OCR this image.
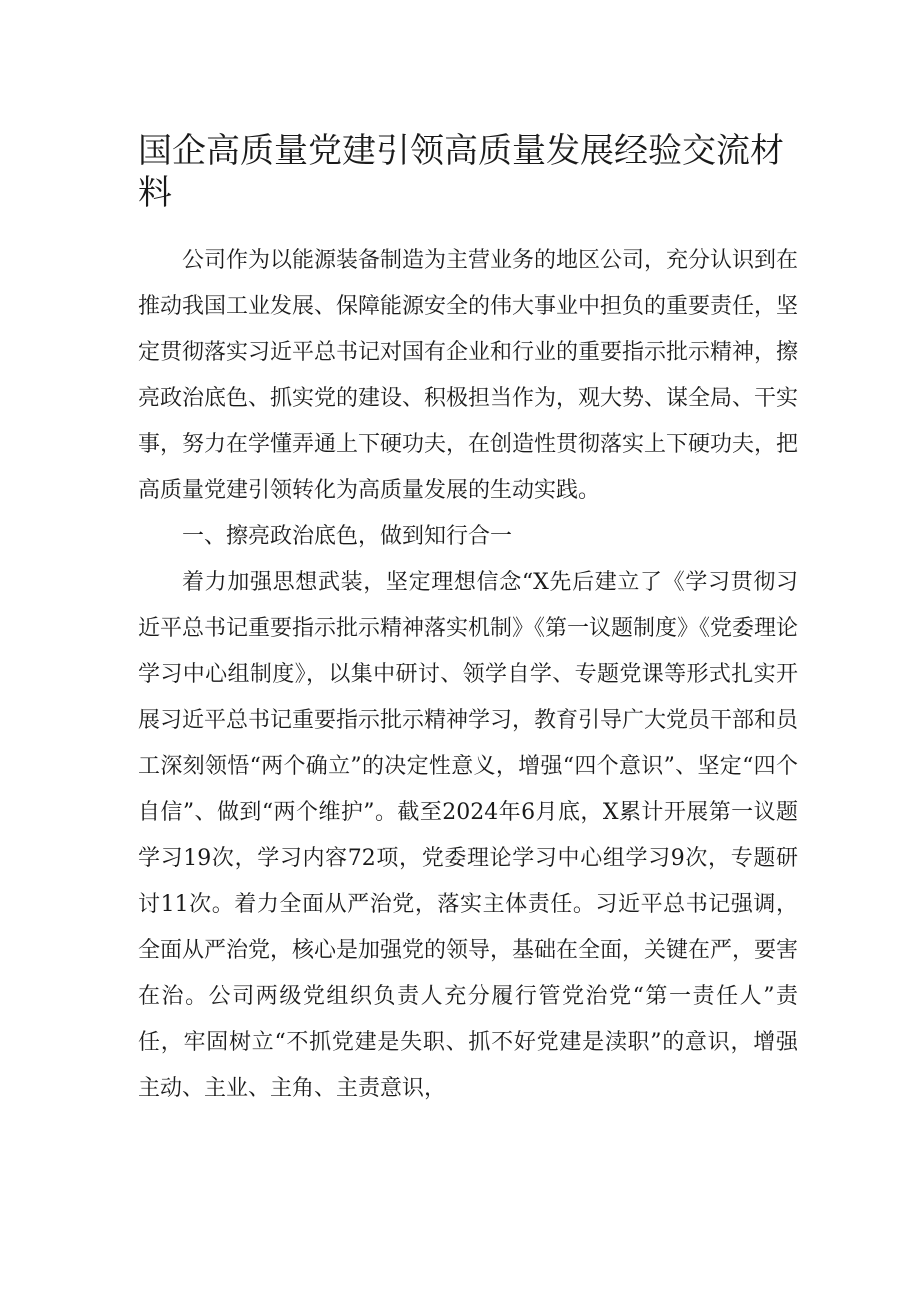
国企高质量党建引领高质量发展经验交流材料

公司作为以能源装备制造为主营业务的地区公司，充分认识到在推动我国工业发展、保障能源安全的伟大事业中担负的重要责任，坚定贯彻落实习近平总书记对国有企业和行业的重要指示批示精神，擦亮政治底色、抓实党的建设、积极担当作为，观大势、谋全局、干实事，努力在学懂弄通上下硬功夫，在创造性贯彻落实上下硬功夫，把高质量党建引领转化为高质量发展的生动实践。

一、擦亮政治底色，做到知行合一

着力加强思想武装，坚定理想信念“X先后建立了《学习贯彻习近平总书记重要指示批示精神落实机制》《第一议题制度》《党委理论学习中心组制度》，以集中研讨、领学自学、专题党课等形式扎实开展习近平总书记重要指示批示精神学习，教育引导广大党员干部和员工深刻领悟“两个确立”的决定性意义，增强“四个意识”、坚定“四个自信”、做到“两个维护”。截至2024年6月底，X累计开展第一议题学习19次，学习内容72项，党委理论学习中心组学习9次，专题研讨11次。着力全面从严治党，落实主体责任。习近平总书记强调，全面从严治党，核心是加强党的领导，基础在全面，关键在严，要害在治。公司两级党组织负责人充分履行管党治党“第一责任人”责任，牢固树立“不抓党建是失职、抓不好党建是渎职”的意识，增强主动、主业、主角、主责意识，
